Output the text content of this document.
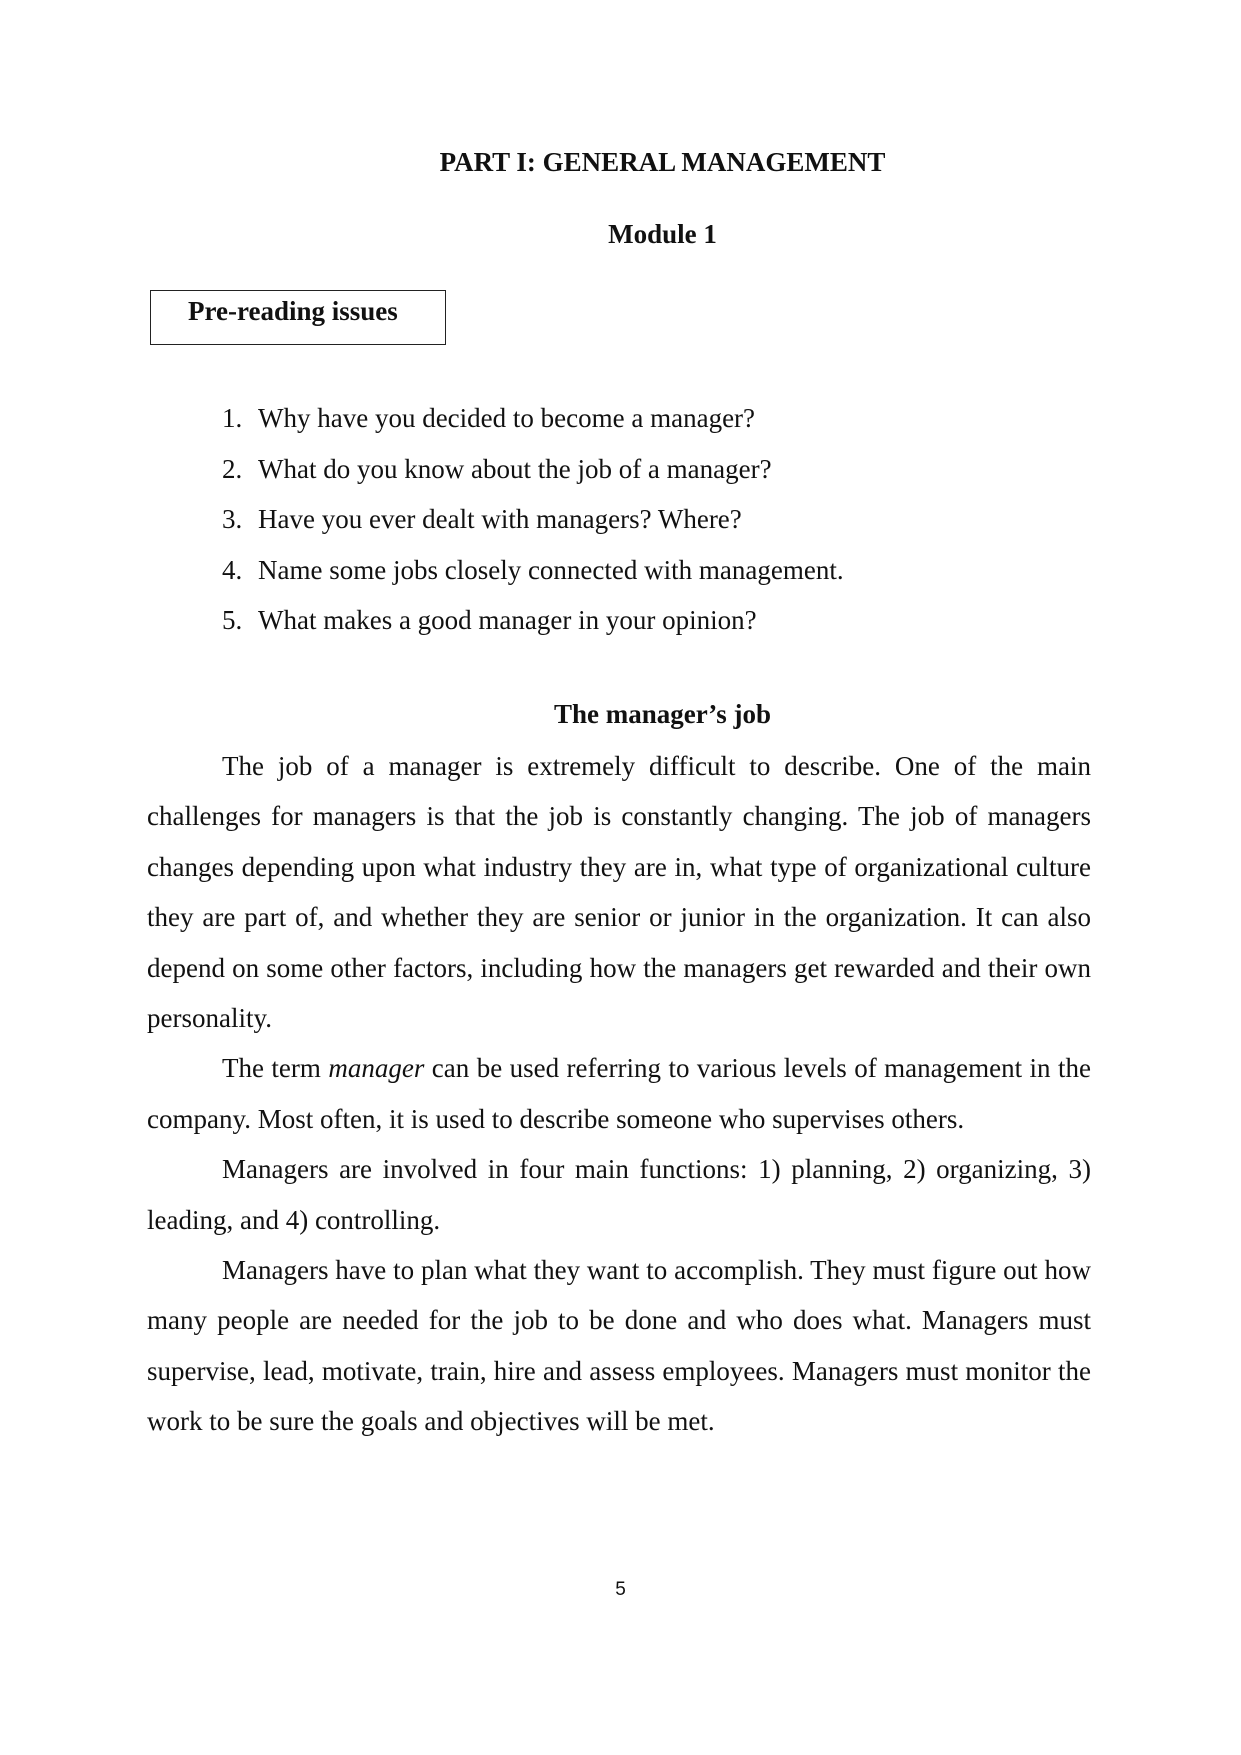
PART I: GENERAL MANAGEMENT
Module 1
Pre-reading issues
1. Why have you decided to become a manager?
2. What do you know about the job of a manager?
3. Have you ever dealt with managers? Where?
4. Name some jobs closely connected with management.
5. What makes a good manager in your opinion?
The manager’s job

The job of a manager is extremely difficult to describe. One of the main challenges for managers is that the job is constantly changing. The job of managers changes depending upon what industry they are in, what type of organizational culture they are part of, and whether they are senior or junior in the organization. It can also depend on some other factors, including how the managers get rewarded and their own personality.

The term manager can be used referring to various levels of management in the company. Most often, it is used to describe someone who supervises others.

Managers are involved in four main functions: 1) planning, 2) organizing, 3) leading, and 4) controlling.

Managers have to plan what they want to accomplish. They must figure out how many people are needed for the job to be done and who does what. Managers must supervise, lead, motivate, train, hire and assess employees. Managers must monitor the work to be sure the goals and objectives will be met.

5
